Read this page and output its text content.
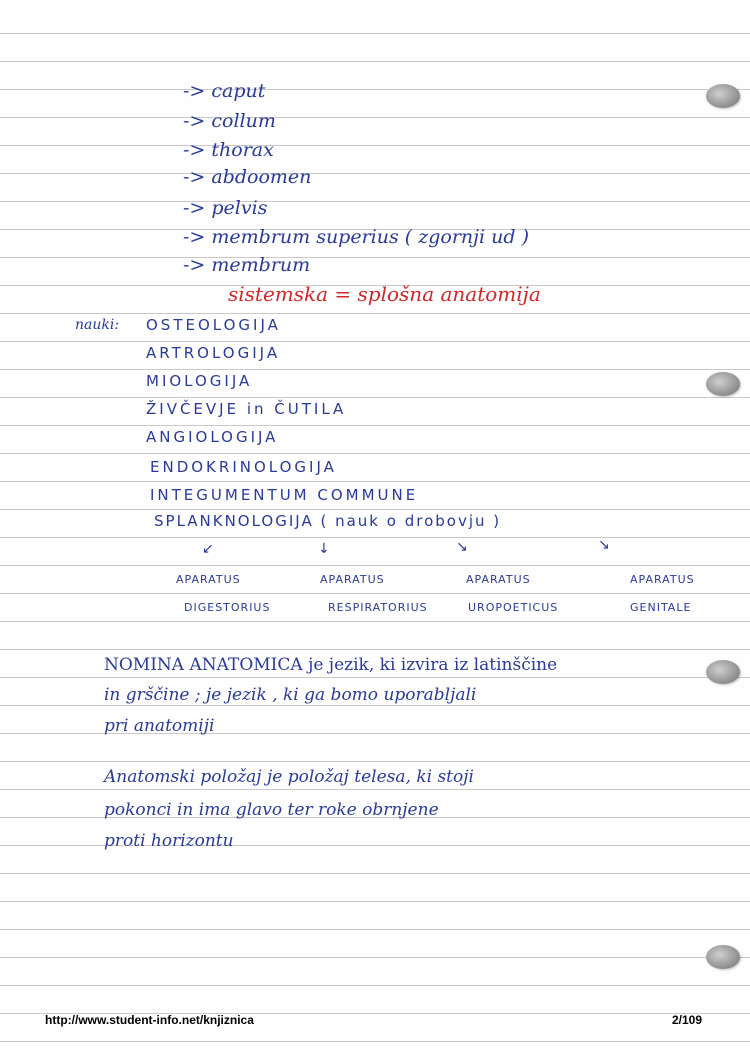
-> caput
-> collum
-> thorax
-> abdoomen
-> pelvis
-> membrum superius ( zgornji ud )
-> membrum
sistemska = splošna anatomija
nauki: OSTEOLOGIJA
ARTROLOGIJA
MIOLOGIJA
ŽIVČEVJE in ČUTILA
ANGIOLOGIJA
ENDOKRINOLOGIJA
INTEGUMENTUM COMMUNE
SPLANKNOLOGIJA ( nauk o drobovju )
↙	↓	↘	↘
APARATUS	APARATUS	APARATUS	APARATUS
DIGESTORIUS	RESPIRATORIUS	UROPOETICUS	GENITALE
NOMINA ANATOMICA je jezik, ki izvira iz latinščine
in grščine ; je jezik , ki ga bomo uporabljali
pri anatomiji
Anatomski položaj je položaj telesa, ki stoji
pokonci in ima glavo ter roke obrnjene
proti horizontu
http://www.student-info.net/knjiznica	2/109
